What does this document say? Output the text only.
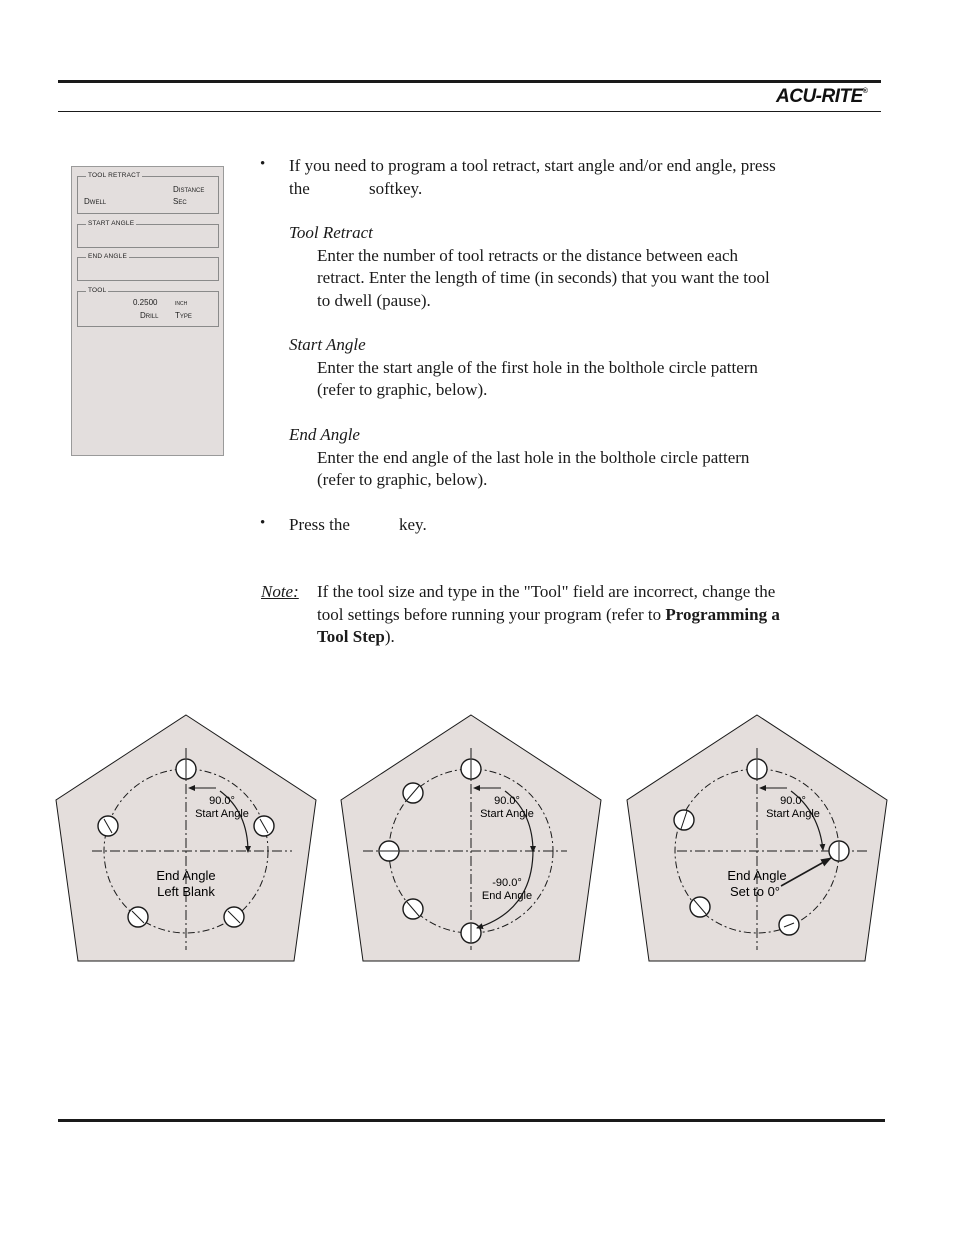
ACU-RITE®
TOOL RETRACT
Distance
Dwell	Sec
START ANGLE
END ANGLE
TOOL
0.2500	inch
Drill Type
• If you need to program a tool retract, start angle and/or end angle, press
the	softkey.
Tool Retract
Enter the number of tool retracts or the distance between each
retract. Enter the length of time (in seconds) that you want the tool
to dwell (pause).
Start Angle
Enter the start angle of the first hole in the bolthole circle pattern
(refer to graphic, below).
End Angle
Enter the end angle of the last hole in the bolthole circle pattern
(refer to graphic, below).
• Press the	key.
Note: If the tool size and type in the "Tool" field are incorrect, change the
tool settings before running your program (refer to Programming a
Tool Step).
90.0°
Start Angle
End Angle
Left Blank
90.0°
Start Angle
-90.0°
End Angle
90.0°
Start Angle
End Angle
Set to 0°
